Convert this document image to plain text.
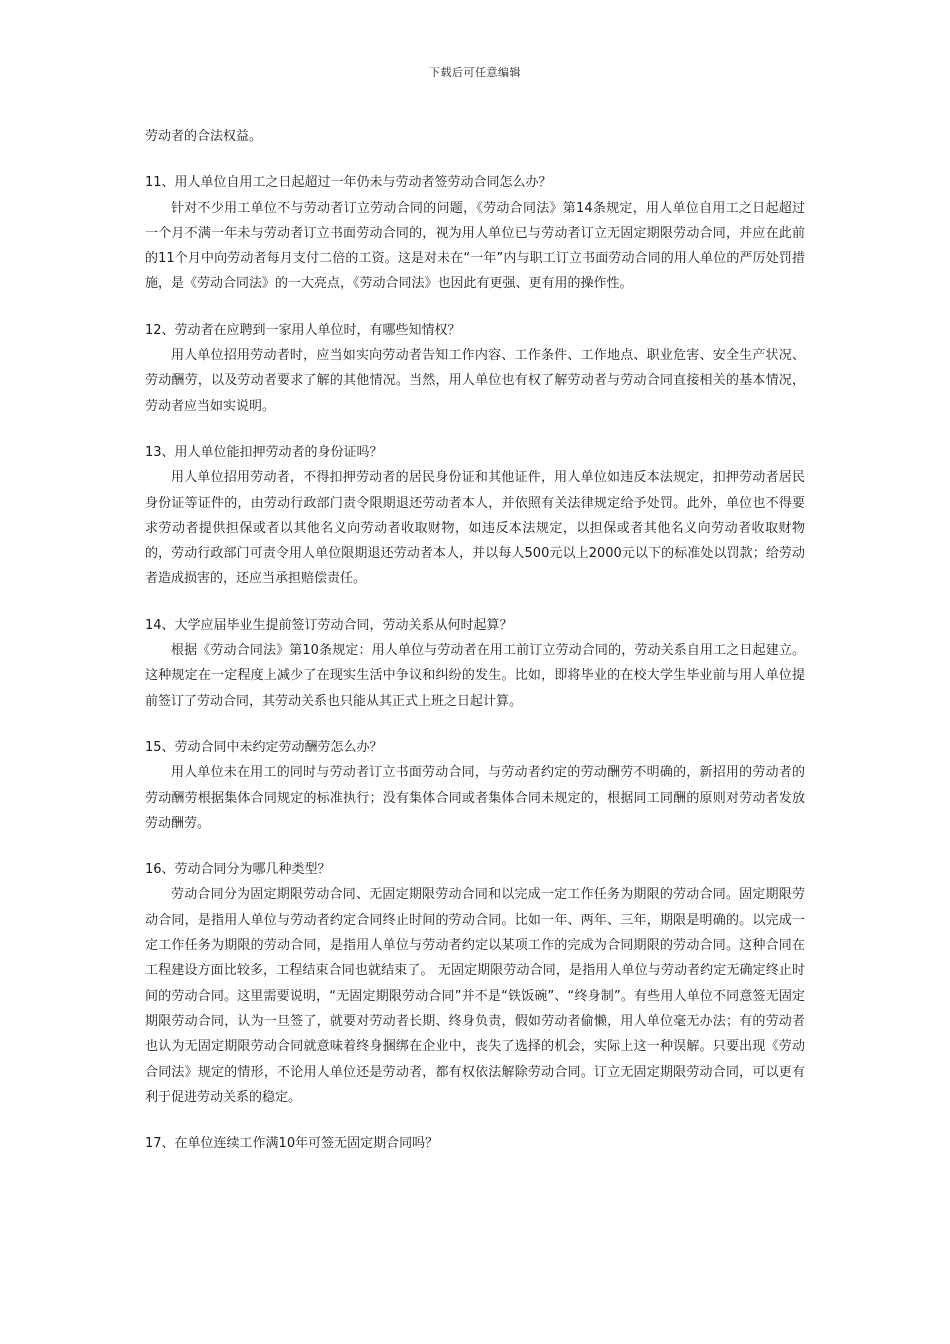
下载后可任意编辑

劳动者的合法权益。

11、用人单位自用工之日起超过一年仍未与劳动者签劳动合同怎么办？

针对不少用工单位不与劳动者订立劳动合同的问题，《劳动合同法》第14条规定，用人单位自用工之日起超过一个月不满一年未与劳动者订立书面劳动合同的，视为用人单位已与劳动者订立无固定期限劳动合同，并应在此前的11个月中向劳动者每月支付二倍的工资。这是对未在“一年”内与职工订立书面劳动合同的用人单位的严厉处罚措施，是《劳动合同法》的一大亮点，《劳动合同法》也因此有更强、更有用的操作性。

12、劳动者在应聘到一家用人单位时，有哪些知情权？

用人单位招用劳动者时，应当如实向劳动者告知工作内容、工作条件、工作地点、职业危害、安全生产状况、劳动酬劳，以及劳动者要求了解的其他情况。当然，用人单位也有权了解劳动者与劳动合同直接相关的基本情况，劳动者应当如实说明。

13、用人单位能扣押劳动者的身份证吗？

用人单位招用劳动者，不得扣押劳动者的居民身份证和其他证件，用人单位如违反本法规定，扣押劳动者居民身份证等证件的，由劳动行政部门责令限期退还劳动者本人，并依照有关法律规定给予处罚。此外，单位也不得要求劳动者提供担保或者以其他名义向劳动者收取财物，如违反本法规定，以担保或者其他名义向劳动者收取财物的，劳动行政部门可责令用人单位限期退还劳动者本人，并以每人500元以上2000元以下的标准处以罚款；给劳动者造成损害的，还应当承担赔偿责任。

14、大学应届毕业生提前签订劳动合同，劳动关系从何时起算？

根据《劳动合同法》第10条规定：用人单位与劳动者在用工前订立劳动合同的，劳动关系自用工之日起建立。这种规定在一定程度上减少了在现实生活中争议和纠纷的发生。比如，即将毕业的在校大学生毕业前与用人单位提前签订了劳动合同，其劳动关系也只能从其正式上班之日起计算。

15、劳动合同中未约定劳动酬劳怎么办？

用人单位未在用工的同时与劳动者订立书面劳动合同，与劳动者约定的劳动酬劳不明确的，新招用的劳动者的劳动酬劳根据集体合同规定的标准执行；没有集体合同或者集体合同未规定的，根据同工同酬的原则对劳动者发放劳动酬劳。

16、劳动合同分为哪几种类型？

劳动合同分为固定期限劳动合同、无固定期限劳动合同和以完成一定工作任务为期限的劳动合同。固定期限劳动合同，是指用人单位与劳动者约定合同终止时间的劳动合同。比如一年、两年、三年，期限是明确的。以完成一定工作任务为期限的劳动合同，是指用人单位与劳动者约定以某项工作的完成为合同期限的劳动合同。这种合同在工程建设方面比较多，工程结束合同也就结束了。 无固定期限劳动合同，是指用人单位与劳动者约定无确定终止时间的劳动合同。这里需要说明，“无固定期限劳动合同”并不是“铁饭碗”、“终身制”。有些用人单位不同意签无固定期限劳动合同，认为一旦签了，就要对劳动者长期、终身负责，假如劳动者偷懒，用人单位毫无办法；有的劳动者也认为无固定期限劳动合同就意味着终身捆绑在企业中，丧失了选择的机会，实际上这一种误解。只要出现《劳动合同法》规定的情形，不论用人单位还是劳动者，都有权依法解除劳动合同。订立无固定期限劳动合同，可以更有利于促进劳动关系的稳定。

17、在单位连续工作满10年可签无固定期合同吗？
